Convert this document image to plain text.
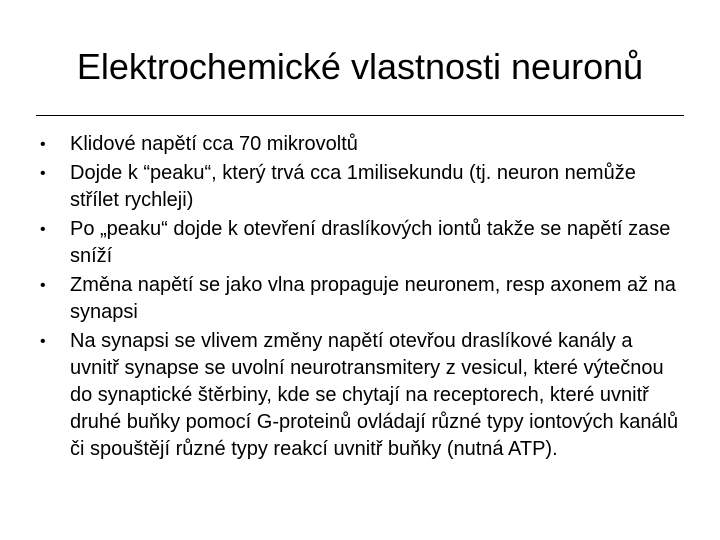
Elektrochemické vlastnosti neuronů
•	Klidové napětí cca 70 mikrovoltů
•	Dojde k “peaku“, který trvá cca 1milisekundu (tj. neuron nemůže střílet rychleji)
•	Po „peaku“ dojde k otevření draslíkových iontů takže se napětí zase sníží
•	Změna napětí se jako vlna propaguje neuronem, resp axonem až na synapsi
•	Na synapsi se vlivem změny napětí otevřou draslíkové kanály a uvnitř synapse se uvolní neurotransmitery z vesicul, které výtečnou do synaptické štěrbiny, kde se chytají na receptorech, které uvnitř druhé buňky pomocí G-proteinů ovládají různé typy iontových kanálů či spouštějí různé typy reakcí uvnitř buňky (nutná ATP).
